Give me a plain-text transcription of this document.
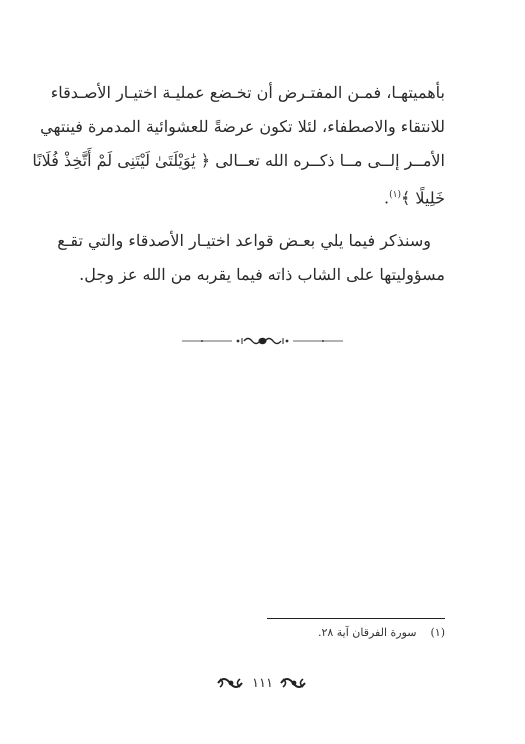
بأهميتهـا، فمـن المفتـرض أن تخـضع عمليـة اختيـار الأصـدقاء
للانتقاء والاصطفاء، لئلا تكون عرضةً للعشوائية المدمرة فينتهي
الأمــر إلــى مــا ذكــره الله تعــالى ﴿ يَٰوَيْلَتَىٰ لَيْتَنِى لَمْ أَتَّخِذْ فُلَانًا
خَلِيلًا ﴾$^{(١)}$.
وسنذكر فيما يلي بعـض قواعد اختيـار الأصدقاء والتي تقـع
مسؤوليتها على الشاب ذاته فيما يقربه من الله عز وجل.
(١)سورة الفرقان آية ٢٨.
١١١
